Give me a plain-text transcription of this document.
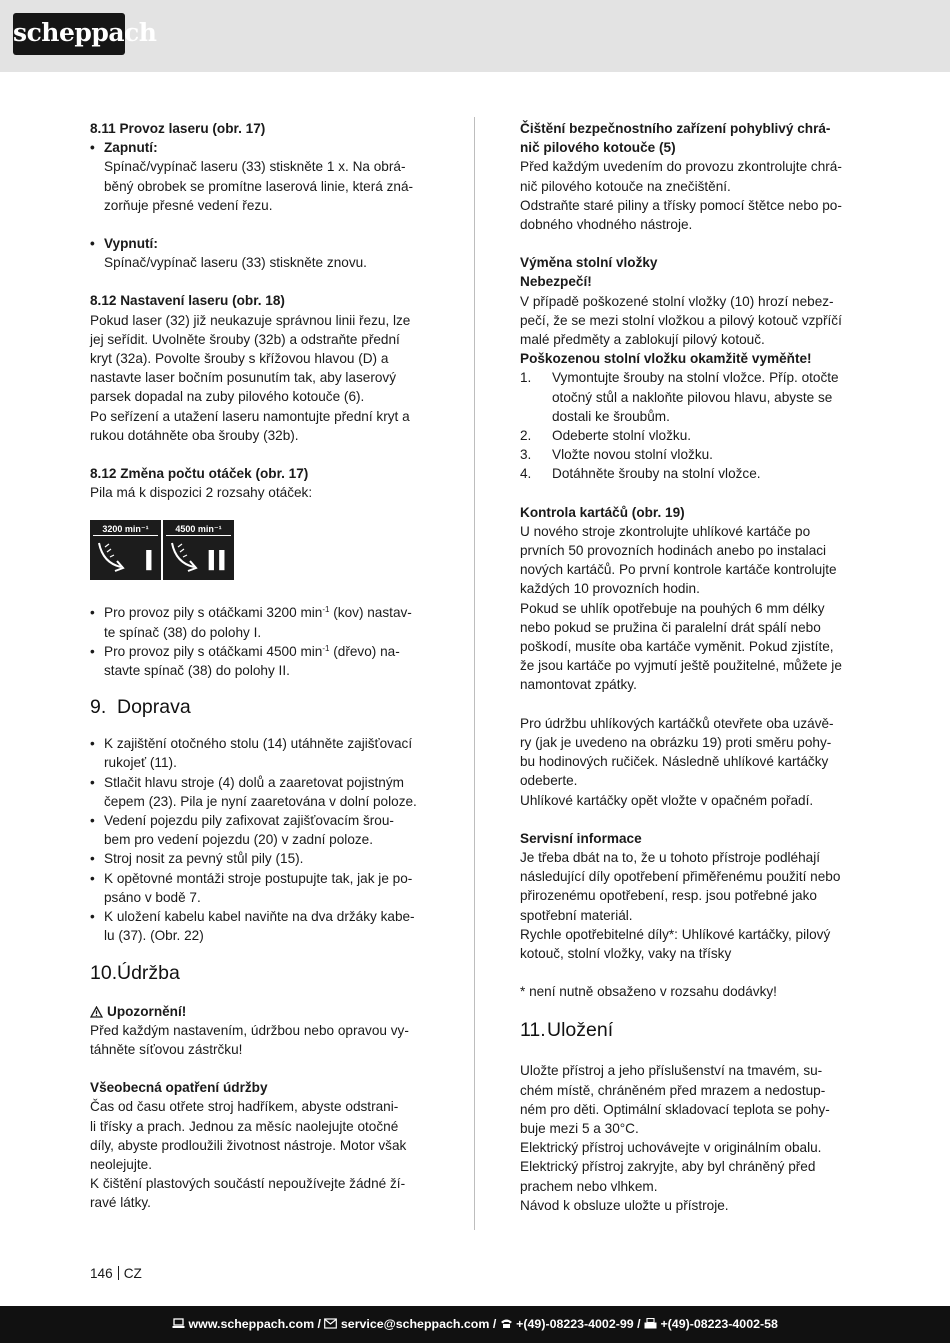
scheppach

8.11 Provoz laseru (obr. 17)

• Zapnutí:

Spínač/vypínač laseru (33) stiskněte 1 x. Na obrá-

běný obrobek se promítne laserová linie, která zná-

zorňuje přesné vedení řezu.

• Vypnutí:

Spínač/vypínač laseru (33) stiskněte znovu.

8.12 Nastavení laseru (obr. 18)

Pokud laser (32) již neukazuje správnou linii řezu, lze

jej seřídit. Uvolněte šrouby (32b) a odstraňte přední

kryt (32a). Povolte šrouby s křížovou hlavou (D) a

nastavte laser bočním posunutím tak, aby laserový

parsek dopadal na zuby pilového kotouče (6).

Po seřízení a utažení laseru namontujte přední kryt a

rukou dotáhněte oba šrouby (32b).

8.12 Změna počtu otáček (obr. 17)

Pila má k dispozici 2 rozsahy otáček:

3200 min⁻¹
I
4500 min⁻¹
II
• Pro provoz pily s otáčkami 3200 $\min^{-1} (kov)$ nastav-

te spínač (38) do polohy I.

• Pro provoz pily s otáčkami 4500 $\min^{-1}$ (dřevo) na-

stavte spínač (38) do polohy II.

9. Doprava
• K zajištění otočného stolu (14) utáhněte zajišťovací

rukojeť (11).

• Stlačit hlavu stroje (4) dolů a zaaretovat pojistným

čepem (23). Pila je nyní zaaretována v dolní poloze.

• Vedení pojezdu pily zafixovat zajišťovacím šrou-

bem pro vedení pojezdu (20) v zadní poloze.

• Stroj nosit za pevný stůl pily (15).

• K opětovné montáži stroje postupujte tak, jak je po-

psáno v bodě 7.

• K uložení kabelu kabel naviňte na dva držáky kabe-

lu (37). (Obr. 22)

10.Údržba

Upozornění!

Před každým nastavením, údržbou nebo opravou vy-

táhněte síťovou zástrčku!

Všeobecná opatření údržby

Čas od času otřete stroj hadříkem, abyste odstrani-

li třísky a prach. Jednou za měsíc naolejujte otočné

díly, abyste prodloužili životnost nástroje. Motor však

neolejujte.

K čištění plastových součástí nepoužívejte žádné ží-

ravé látky.

Čištění bezpečnostního zařízení pohyblivý chrá-

nič pilového kotouče (5)

Před každým uvedením do provozu zkontrolujte chrá-

nič pilového kotouče na znečištění.

Odstraňte staré piliny a třísky pomocí štětce nebo po-

dobného vhodného nástroje.

Výměna stolní vložky

Nebezpečí!

V případě poškozené stolní vložky (10) hrozí nebez-

pečí, že se mezi stolní vložkou a pilový kotouč vzpříčí

malé předměty a zablokují pilový kotouč.

Poškozenou stolní vložku okamžitě vyměňte!

1. Vymontujte šrouby na stolní vložce. Příp. otočte

otočný stůl a nakloňte pilovou hlavu, abyste se

dostali ke šroubům.

2. Odeberte stolní vložku.

3. Vložte novou stolní vložku.

4. Dotáhněte šrouby na stolní vložce.

Kontrola kartáčů (obr. 19)

U nového stroje zkontrolujte uhlíkové kartáče po

prvních 50 provozních hodinách anebo po instalaci

nových kartáčů. Po první kontrole kartáče kontrolujte

každých 10 provozních hodin.

Pokud se uhlík opotřebuje na pouhých 6 mm délky

nebo pokud se pružina či paralelní drát spálí nebo

poškodí, musíte oba kartáče vyměnit. Pokud zjistíte,

že jsou kartáče po vyjmutí ještě použitelné, můžete je

namontovat zpátky.

Pro údržbu uhlíkových kartáčků otevřete oba uzávě-

ry (jak je uvedeno na obrázku 19) proti směru pohy-

bu hodinových ručiček. Následně uhlíkové kartáčky

odeberte.

Uhlíkové kartáčky opět vložte v opačném pořadí.

Servisní informace

Je třeba dbát na to, že u tohoto přístroje podléhají

následující díly opotřebení přiměřenému použití nebo

přirozenému opotřebení, resp. jsou potřebné jako

spotřební materiál.

Rychle opotřebitelné díly*: Uhlíkové kartáčky, pilový

kotouč, stolní vložky, vaky na třísky

* není nutně obsaženo v rozsahu dodávky!

11.Uložení

Uložte přístroj a jeho příslušenství na tmavém, su-

chém místě, chráněném před mrazem a nedostup-

ném pro děti. Optimální skladovací teplota se pohy-

buje mezi 5 a 30°C.

Elektrický přístroj uchovávejte v originálním obalu.

Elektrický přístroj zakryjte, aby byl chráněný před

prachem nebo vlhkem.

Návod k obsluze uložte u přístroje.

146 CZ
www.scheppach.com / service@scheppach.com / +(49)-08223-4002-99 / +(49)-08223-4002-58
